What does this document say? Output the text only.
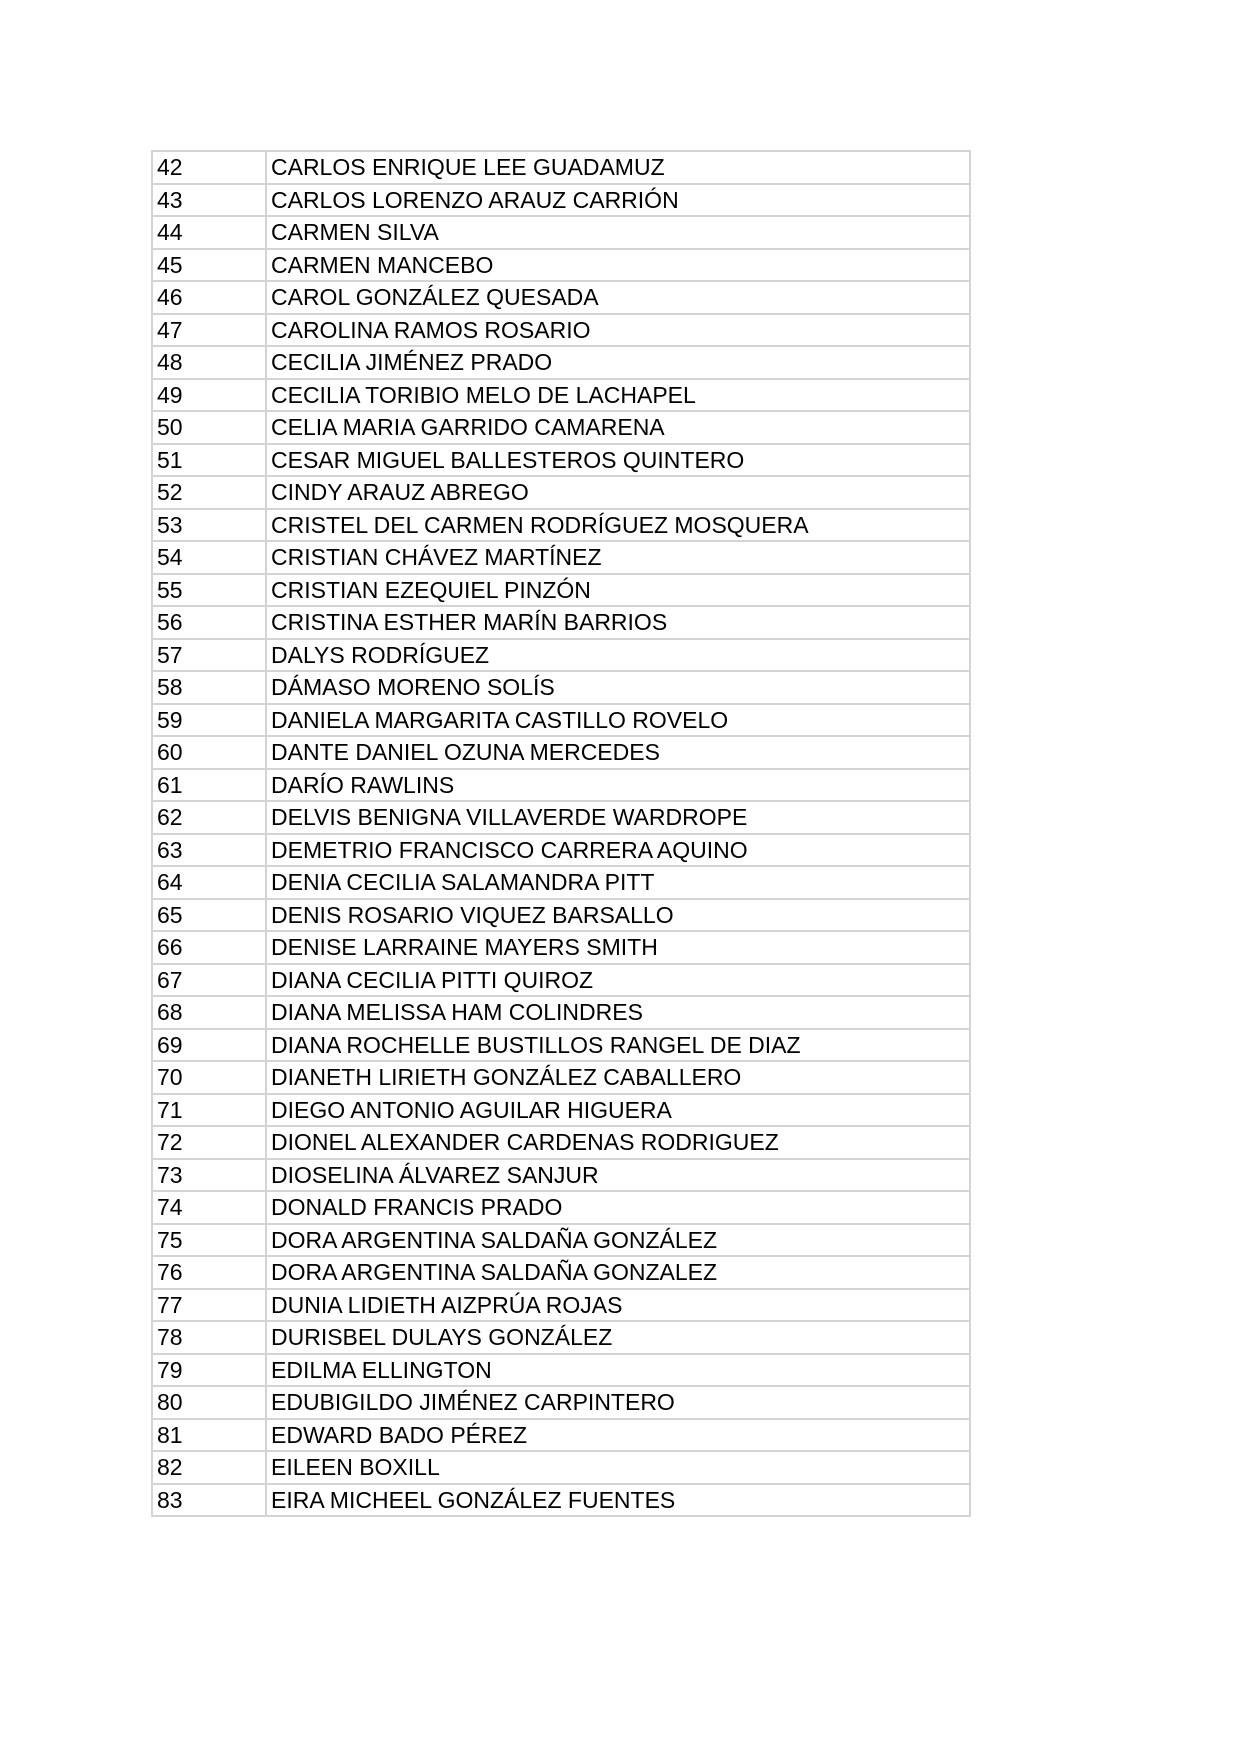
42	CARLOS ENRIQUE LEE GUADAMUZ
43	CARLOS LORENZO ARAUZ CARRIÓN
44	CARMEN SILVA
45	CARMEN MANCEBO
46	CAROL GONZÁLEZ QUESADA
47	CAROLINA RAMOS ROSARIO
48	CECILIA JIMÉNEZ PRADO
49	CECILIA TORIBIO MELO DE LACHAPEL
50	CELIA MARIA GARRIDO CAMARENA
51	CESAR MIGUEL BALLESTEROS QUINTERO
52	CINDY ARAUZ ABREGO
53	CRISTEL DEL CARMEN RODRÍGUEZ MOSQUERA
54	CRISTIAN CHÁVEZ MARTÍNEZ
55	CRISTIAN EZEQUIEL PINZÓN
56	CRISTINA ESTHER MARÍN BARRIOS
57	DALYS RODRÍGUEZ
58	DÁMASO MORENO SOLÍS
59	DANIELA MARGARITA CASTILLO ROVELO
60	DANTE DANIEL OZUNA MERCEDES
61	DARÍO RAWLINS
62	DELVIS BENIGNA VILLAVERDE WARDROPE
63	DEMETRIO FRANCISCO CARRERA AQUINO
64	DENIA CECILIA SALAMANDRA PITT
65	DENIS ROSARIO VIQUEZ BARSALLO
66	DENISE LARRAINE MAYERS SMITH
67	DIANA CECILIA PITTI QUIROZ
68	DIANA MELISSA HAM COLINDRES
69	DIANA ROCHELLE BUSTILLOS RANGEL DE DIAZ
70	DIANETH LIRIETH GONZÁLEZ CABALLERO
71	DIEGO ANTONIO AGUILAR HIGUERA
72	DIONEL ALEXANDER CARDENAS RODRIGUEZ
73	DIOSELINA ÁLVAREZ SANJUR
74	DONALD FRANCIS PRADO
75	DORA ARGENTINA SALDAÑA GONZÁLEZ
76	DORA ARGENTINA SALDAÑA GONZALEZ
77	DUNIA LIDIETH AIZPRÚA ROJAS
78	DURISBEL DULAYS GONZÁLEZ
79	EDILMA ELLINGTON
80	EDUBIGILDO JIMÉNEZ CARPINTERO
81	EDWARD BADO PÉREZ
82	EILEEN BOXILL
83	EIRA MICHEEL GONZÁLEZ FUENTES
